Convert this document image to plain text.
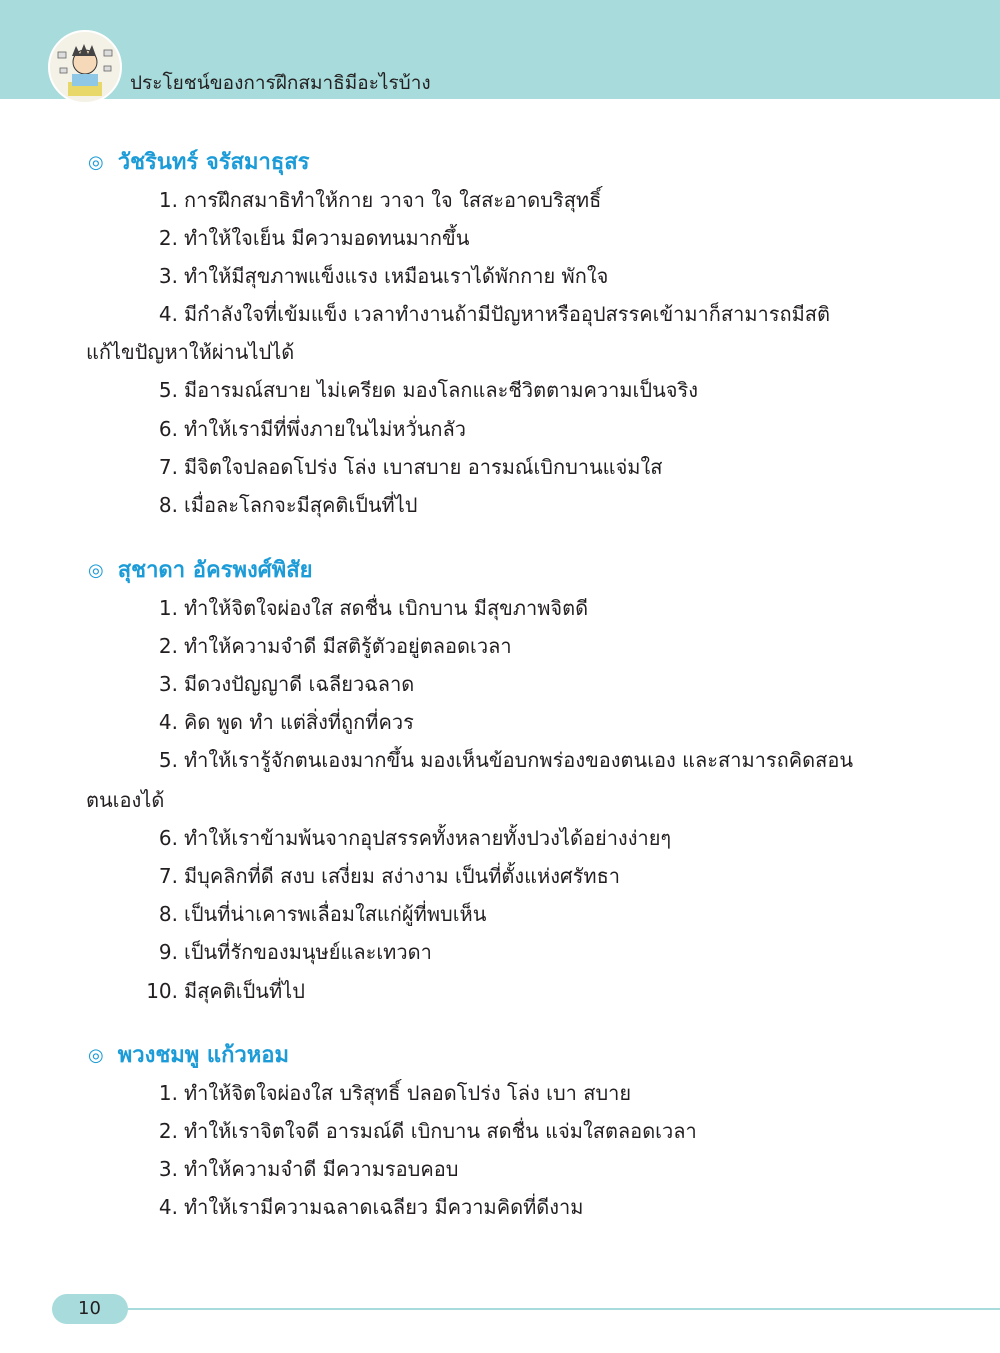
ประโยชน์ของการฝึกสมาธิมีอะไรบ้าง
◎ วัชรินทร์ จรัสมาธุสร
1. การฝึกสมาธิทำให้กาย วาจา ใจ ใสสะอาดบริสุทธิ์
2. ทำให้ใจเย็น มีความอดทนมากขึ้น
3. ทำให้มีสุขภาพแข็งแรง เหมือนเราได้พักกาย พักใจ
4. มีกำลังใจที่เข้มแข็ง เวลาทำงานถ้ามีปัญหาหรืออุปสรรคเข้ามาก็สามารถมีสติ
แก้ไขปัญหาให้ผ่านไปได้
5. มีอารมณ์สบาย ไม่เครียด มองโลกและชีวิตตามความเป็นจริง
6. ทำให้เรามีที่พึ่งภายในไม่หวั่นกลัว
7. มีจิตใจปลอดโปร่ง โล่ง เบาสบาย อารมณ์เบิกบานแจ่มใส
8. เมื่อละโลกจะมีสุคติเป็นที่ไป
◎ สุชาดา อัครพงศ์พิสัย
1. ทำให้จิตใจผ่องใส สดชื่น เบิกบาน มีสุขภาพจิตดี
2. ทำให้ความจำดี มีสติรู้ตัวอยู่ตลอดเวลา
3. มีดวงปัญญาดี เฉลียวฉลาด
4. คิด พูด ทำ แต่สิ่งที่ถูกที่ควร
5. ทำให้เรารู้จักตนเองมากขึ้น มองเห็นข้อบกพร่องของตนเอง และสามารถคิดสอน
ตนเองได้
6. ทำให้เราข้ามพ้นจากอุปสรรคทั้งหลายทั้งปวงได้อย่างง่ายๆ
7. มีบุคลิกที่ดี สงบ เสงี่ยม สง่างาม เป็นที่ตั้งแห่งศรัทธา
8. เป็นที่น่าเคารพเลื่อมใสแก่ผู้ที่พบเห็น
9. เป็นที่รักของมนุษย์และเทวดา
10. มีสุคติเป็นที่ไป
◎ พวงชมพู แก้วหอม
1. ทำให้จิตใจผ่องใส บริสุทธิ์ ปลอดโปร่ง โล่ง เบา สบาย
2. ทำให้เราจิตใจดี อารมณ์ดี เบิกบาน สดชื่น แจ่มใสตลอดเวลา
3. ทำให้ความจำดี มีความรอบคอบ
4. ทำให้เรามีความฉลาดเฉลียว มีความคิดที่ดีงาม
10
